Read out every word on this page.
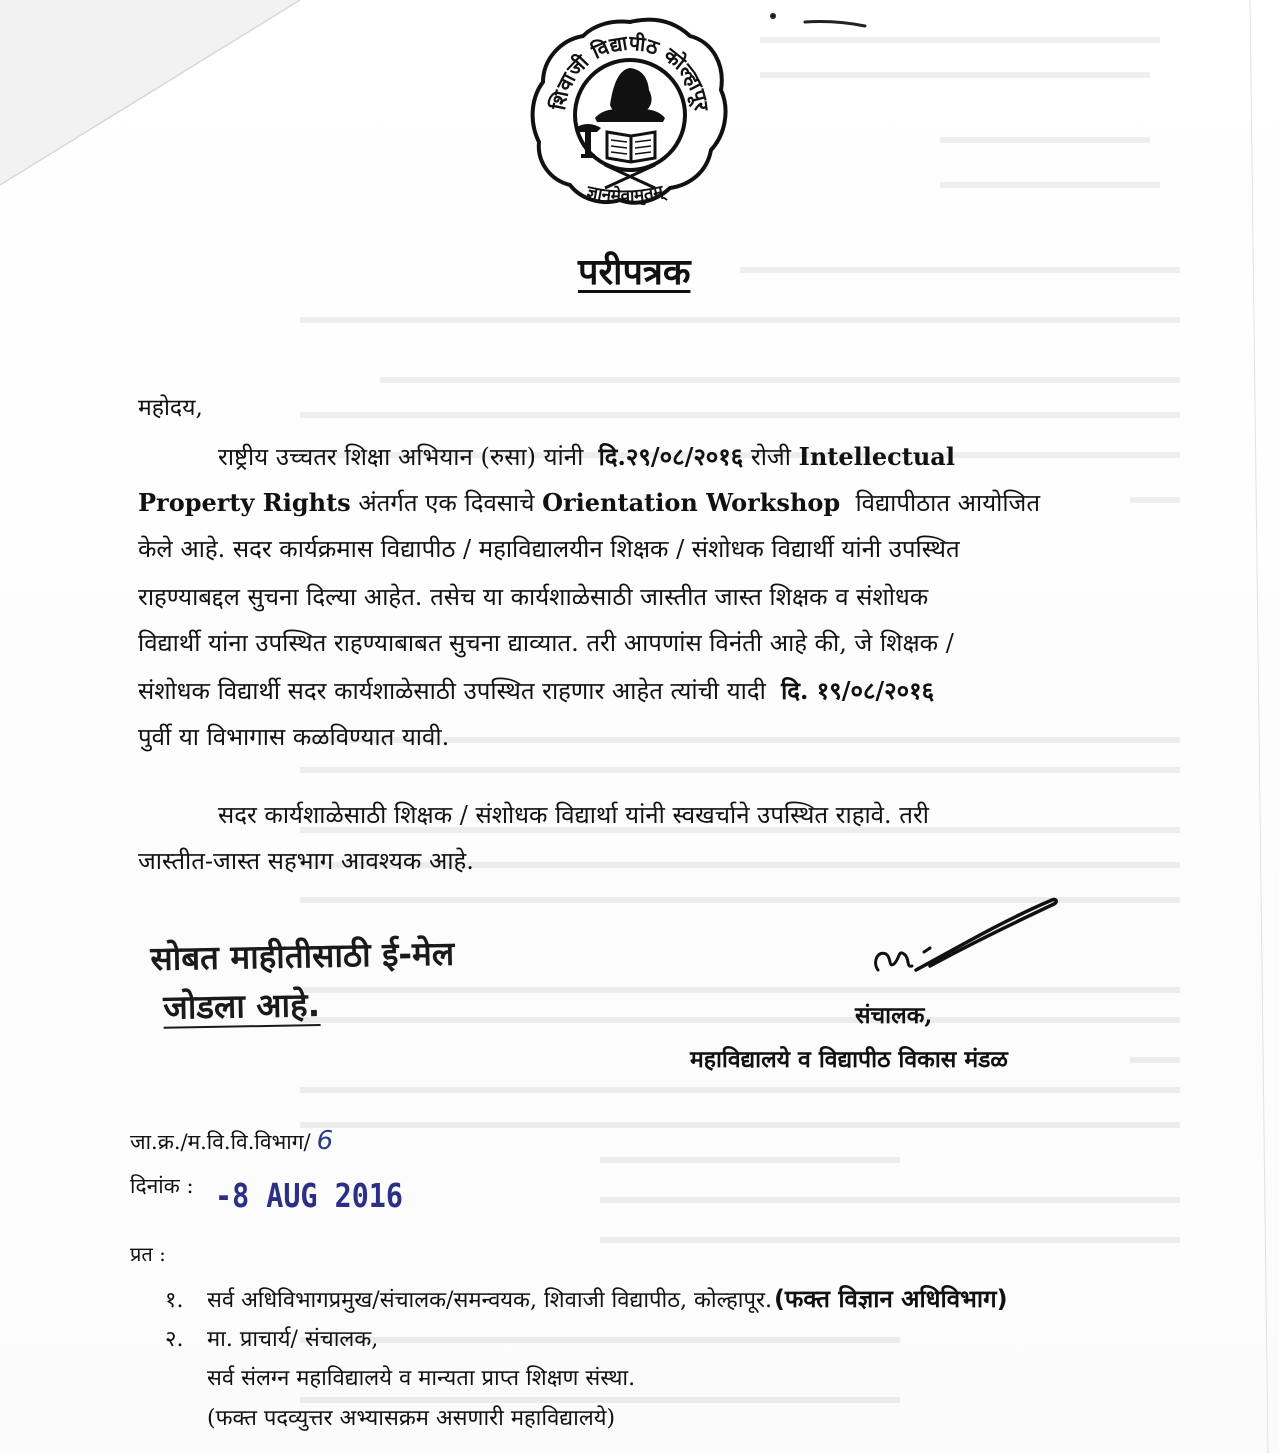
शिवाजी विद्यापीठ कोल्हापूर
ज्ञानमेवामृतम्
परीपत्रक
महोदय,
राष्ट्रीय उच्चतर शिक्षा अभियान (रुसा) यांनी दि.२९/०८/२०१६ रोजी Intellectual
Property Rights अंतर्गत एक दिवसाचे Orientation Workshop विद्यापीठात आयोजित
केले आहे. सदर कार्यक्रमास विद्यापीठ / महाविद्यालयीन शिक्षक / संशोधक विद्यार्थी यांनी उपस्थित
राहण्याबद्दल सुचना दिल्या आहेत. तसेच या कार्यशाळेसाठी जास्तीत जास्त शिक्षक व संशोधक
विद्यार्थी यांना उपस्थित राहण्याबाबत सुचना द्याव्यात. तरी आपणांस विनंती आहे की, जे शिक्षक /
संशोधक विद्यार्थी सदर कार्यशाळेसाठी उपस्थित राहणार आहेत त्यांची यादी दि. १९/०८/२०१६
पुर्वी या विभागास कळविण्यात यावी.
सदर कार्यशाळेसाठी शिक्षक / संशोधक विद्यार्था यांनी स्वखर्चाने उपस्थित राहावे. तरी
जास्तीत-जास्त सहभाग आवश्यक आहे.
सोबत माहीतीसाठी ई-मेल
जोडला आहे.	संचालक,
महाविद्यालये व विद्यापीठ विकास मंडळ
जा.क्र./म.वि.वि.विभाग/ 6
दिनांक : -8 AUG 2016
प्रत :
१. सर्व अधिविभागप्रमुख/संचालक/समन्वयक, शिवाजी विद्यापीठ, कोल्हापूर.(फक्त विज्ञान अधिविभाग)
२. मा. प्राचार्य/ संचालक,
सर्व संलग्न महाविद्यालये व मान्यता प्राप्त शिक्षण संस्था.
(फक्त पदव्युत्तर अभ्यासक्रम असणारी महाविद्यालये)
